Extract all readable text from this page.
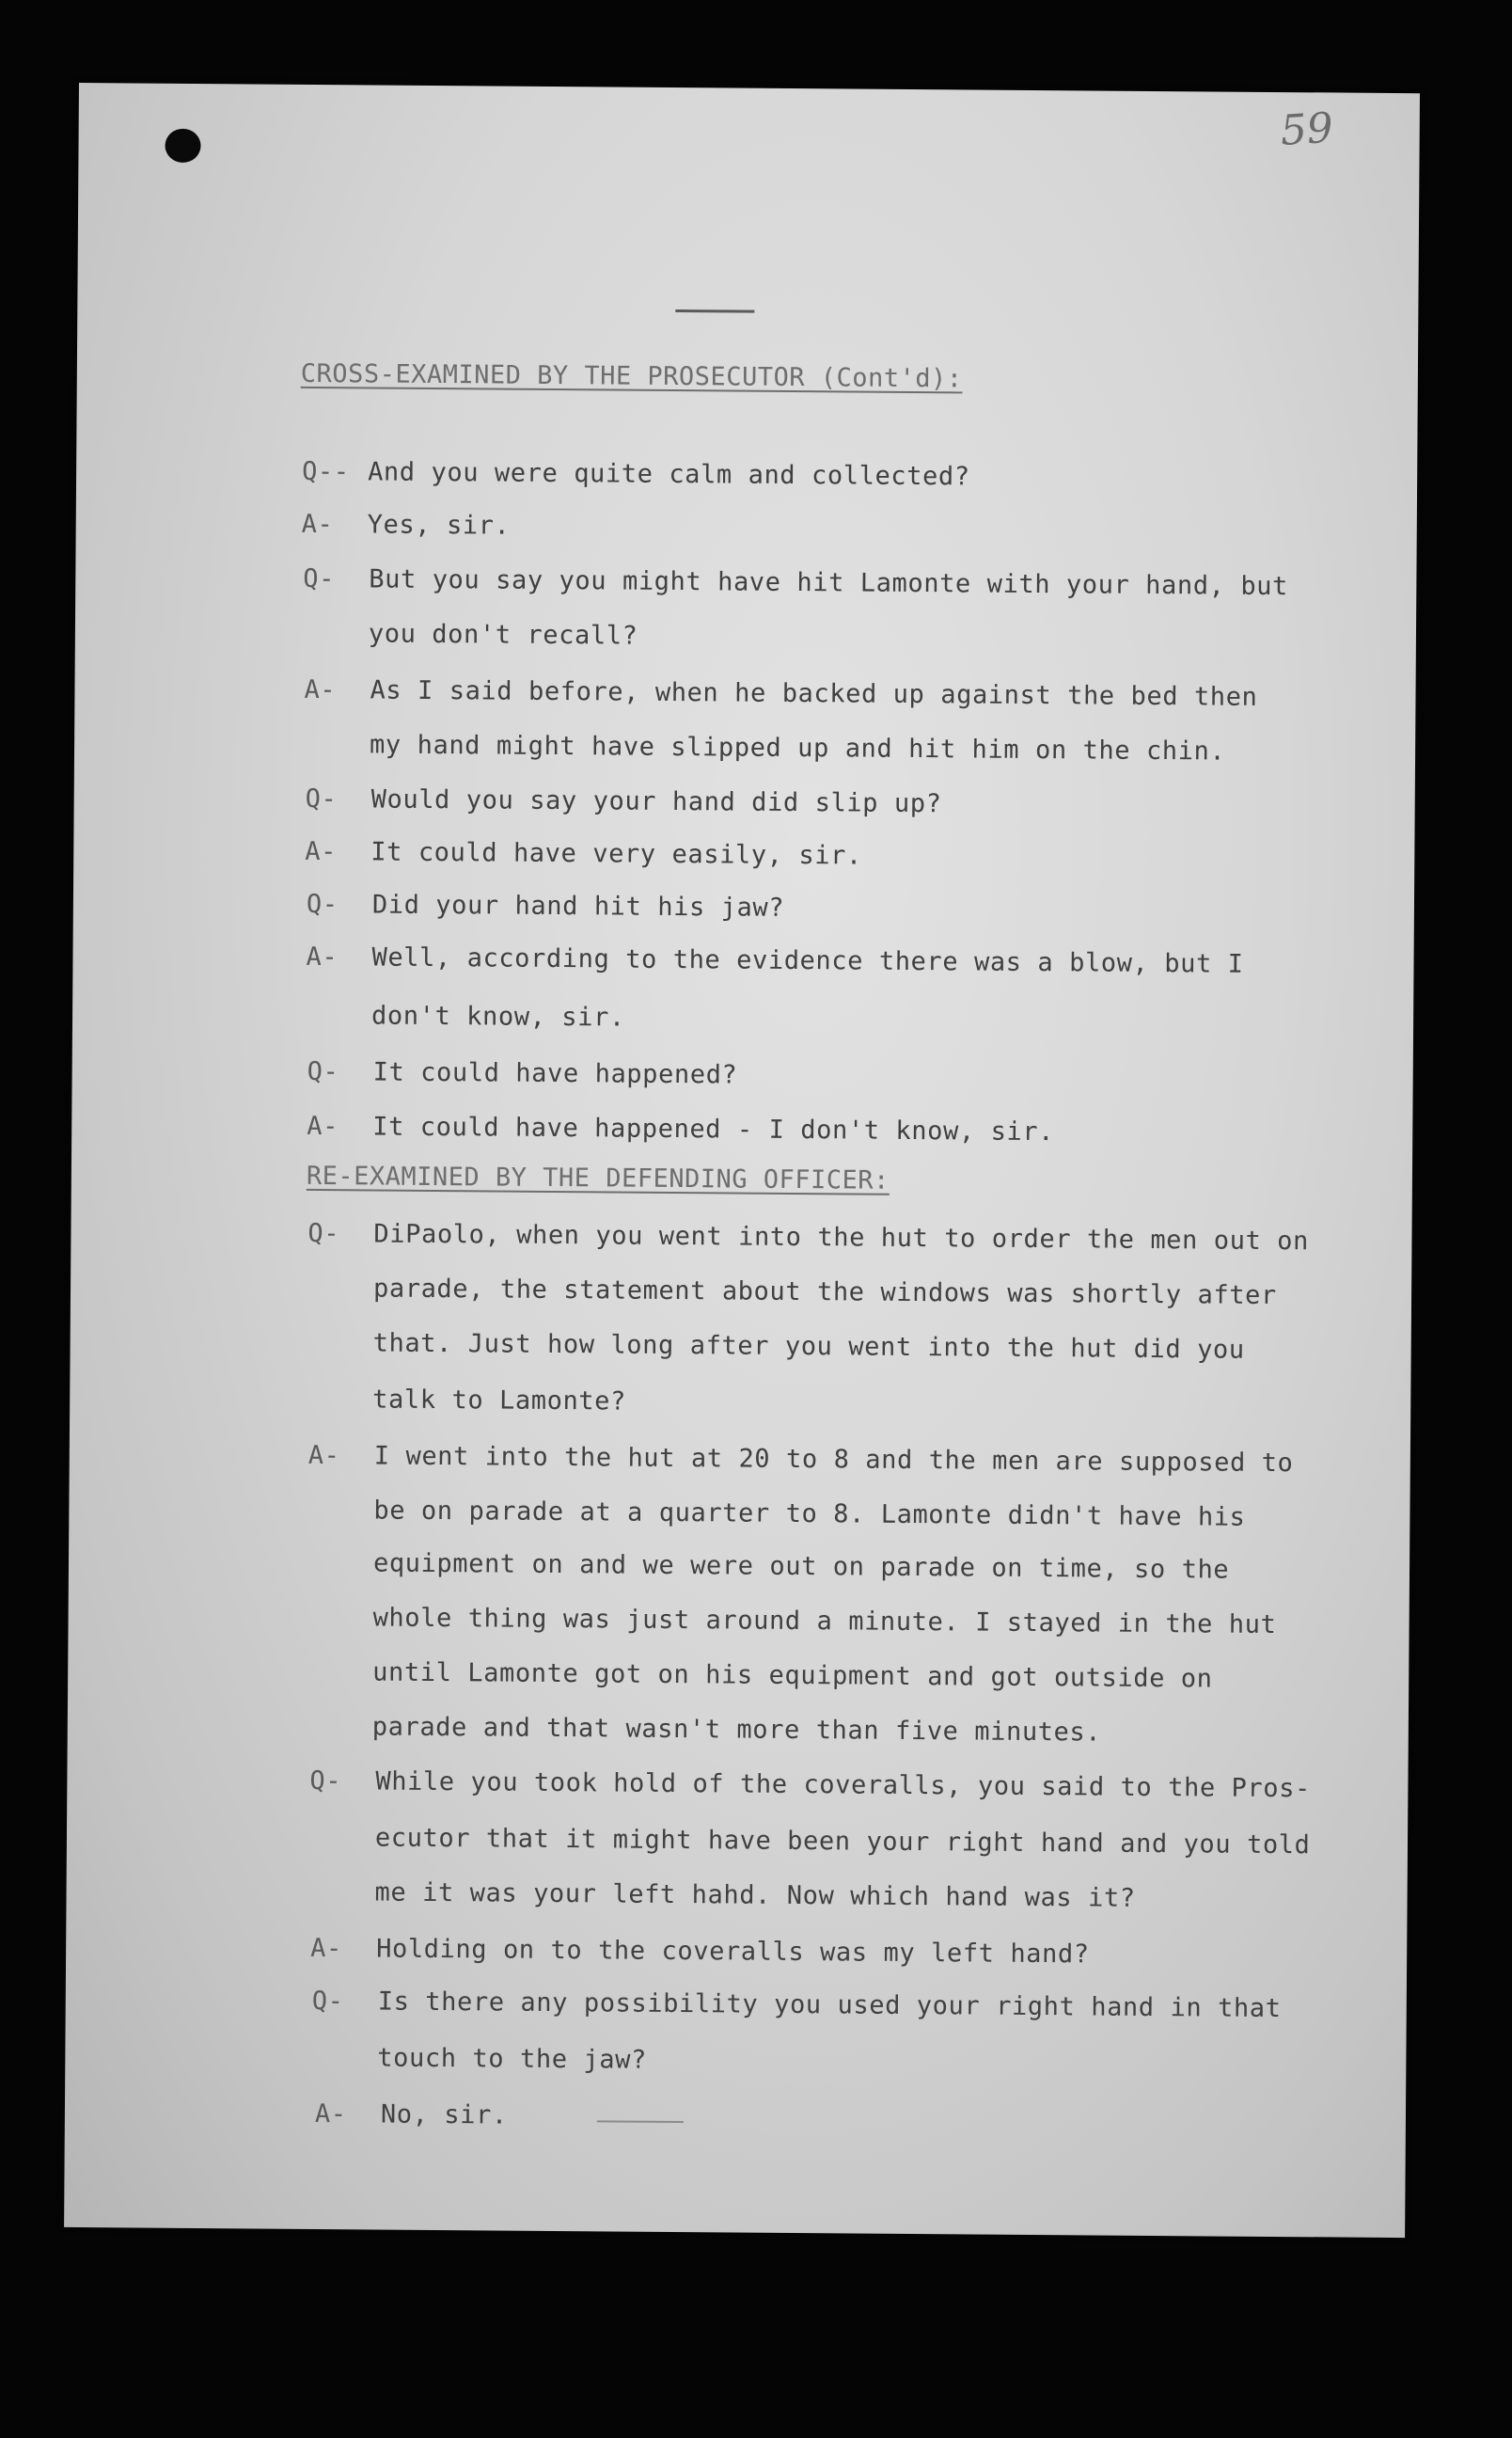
59
CROSS-EXAMINED BY THE PROSECUTOR (Cont'd):
Q-- And you were quite calm and collected?
A- Yes, sir.
Q- But you say you might have hit Lamonte with your hand, but
you don't recall?
A- As I said before, when he backed up against the bed then
my hand might have slipped up and hit him on the chin.
Q- Would you say your hand did slip up?
A- It could have very easily, sir.
Q- Did your hand hit his jaw?
A- Well, according to the evidence there was a blow, but I
don't know, sir.
Q- It could have happened?
A- It could have happened - I don't know, sir.
RE-EXAMINED BY THE DEFENDING OFFICER:
Q- DiPaolo, when you went into the hut to order the men out on
parade, the statement about the windows was shortly after
that. Just how long after you went into the hut did you
talk to Lamonte?
A- I went into the hut at 20 to 8 and the men are supposed to
be on parade at a quarter to 8. Lamonte didn't have his
equipment on and we were out on parade on time, so the
whole thing was just around a minute. I stayed in the hut
until Lamonte got on his equipment and got outside on
parade and that wasn't more than five minutes.
Q- While you took hold of the coveralls, you said to the Pros-
ecutor that it might have been your right hand and you told
me it was your left hahd. Now which hand was it?
A- Holding on to the coveralls was my left hand?
Q- Is there any possibility you used your right hand in that
touch to the jaw?
A- No, sir.
